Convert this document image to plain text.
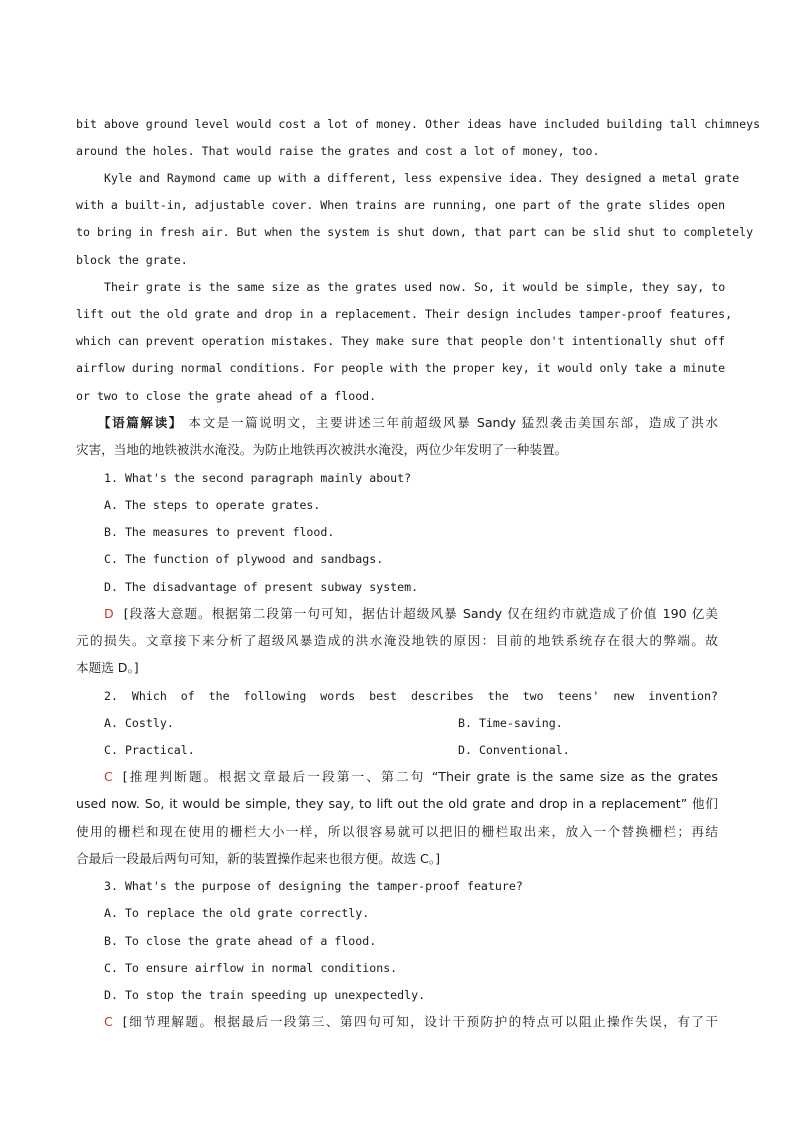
bit above ground level would cost a lot of money. Other ideas have included building tall chimneys
around the holes. That would raise the grates and cost a lot of money, too.
Kyle and Raymond came up with a different, less expensive idea. They designed a metal grate
with a built-in, adjustable cover. When trains are running, one part of the grate slides open
to bring in fresh air. But when the system is shut down, that part can be slid shut to completely
block the grate.
Their grate is the same size as the grates used now. So, it would be simple, they say, to
lift out the old grate and drop in a replacement. Their design includes tamper-proof features,
which can prevent operation mistakes. They make sure that people don't intentionally shut off
airflow during normal conditions. For people with the proper key, it would only take a minute
or two to close the grate ahead of a flood.
【语篇解读】 本文是一篇说明文，主要讲述三年前超级风暴 Sandy 猛烈袭击美国东部，造成了洪水
灾害，当地的地铁被洪水淹没。为防止地铁再次被洪水淹没，两位少年发明了一种装置。
1. What's the second paragraph mainly about?
A. The steps to operate grates.
B. The measures to prevent flood.
C. The function of plywood and sandbags.
D. The disadvantage of present subway system.
D [段落大意题。根据第二段第一句可知，据估计超级风暴 Sandy 仅在纽约市就造成了价值 190 亿美
元的损失。文章接下来分析了超级风暴造成的洪水淹没地铁的原因：目前的地铁系统存在很大的弊端。故
本题选 D。]
2. Which of the following words best describes the two teens' new invention?
A. Costly.	B. Time-saving.
C. Practical.	D. Conventional.
C [推理判断题。根据文章最后一段第一、第二句 “Their grate is the same size as the grates
used now. So, it would be simple, they say, to lift out the old grate and drop in a replacement” 他们
使用的栅栏和现在使用的栅栏大小一样，所以很容易就可以把旧的栅栏取出来，放入一个替换栅栏；再结
合最后一段最后两句可知，新的装置操作起来也很方便。故选 C。]
3. What's the purpose of designing the tamper-proof feature?
A. To replace the old grate correctly.
B. To close the grate ahead of a flood.
C. To ensure airflow in normal conditions.
D. To stop the train speeding up unexpectedly.
C [细节理解题。根据最后一段第三、第四句可知，设计干预防护的特点可以阻止操作失误，有了干
